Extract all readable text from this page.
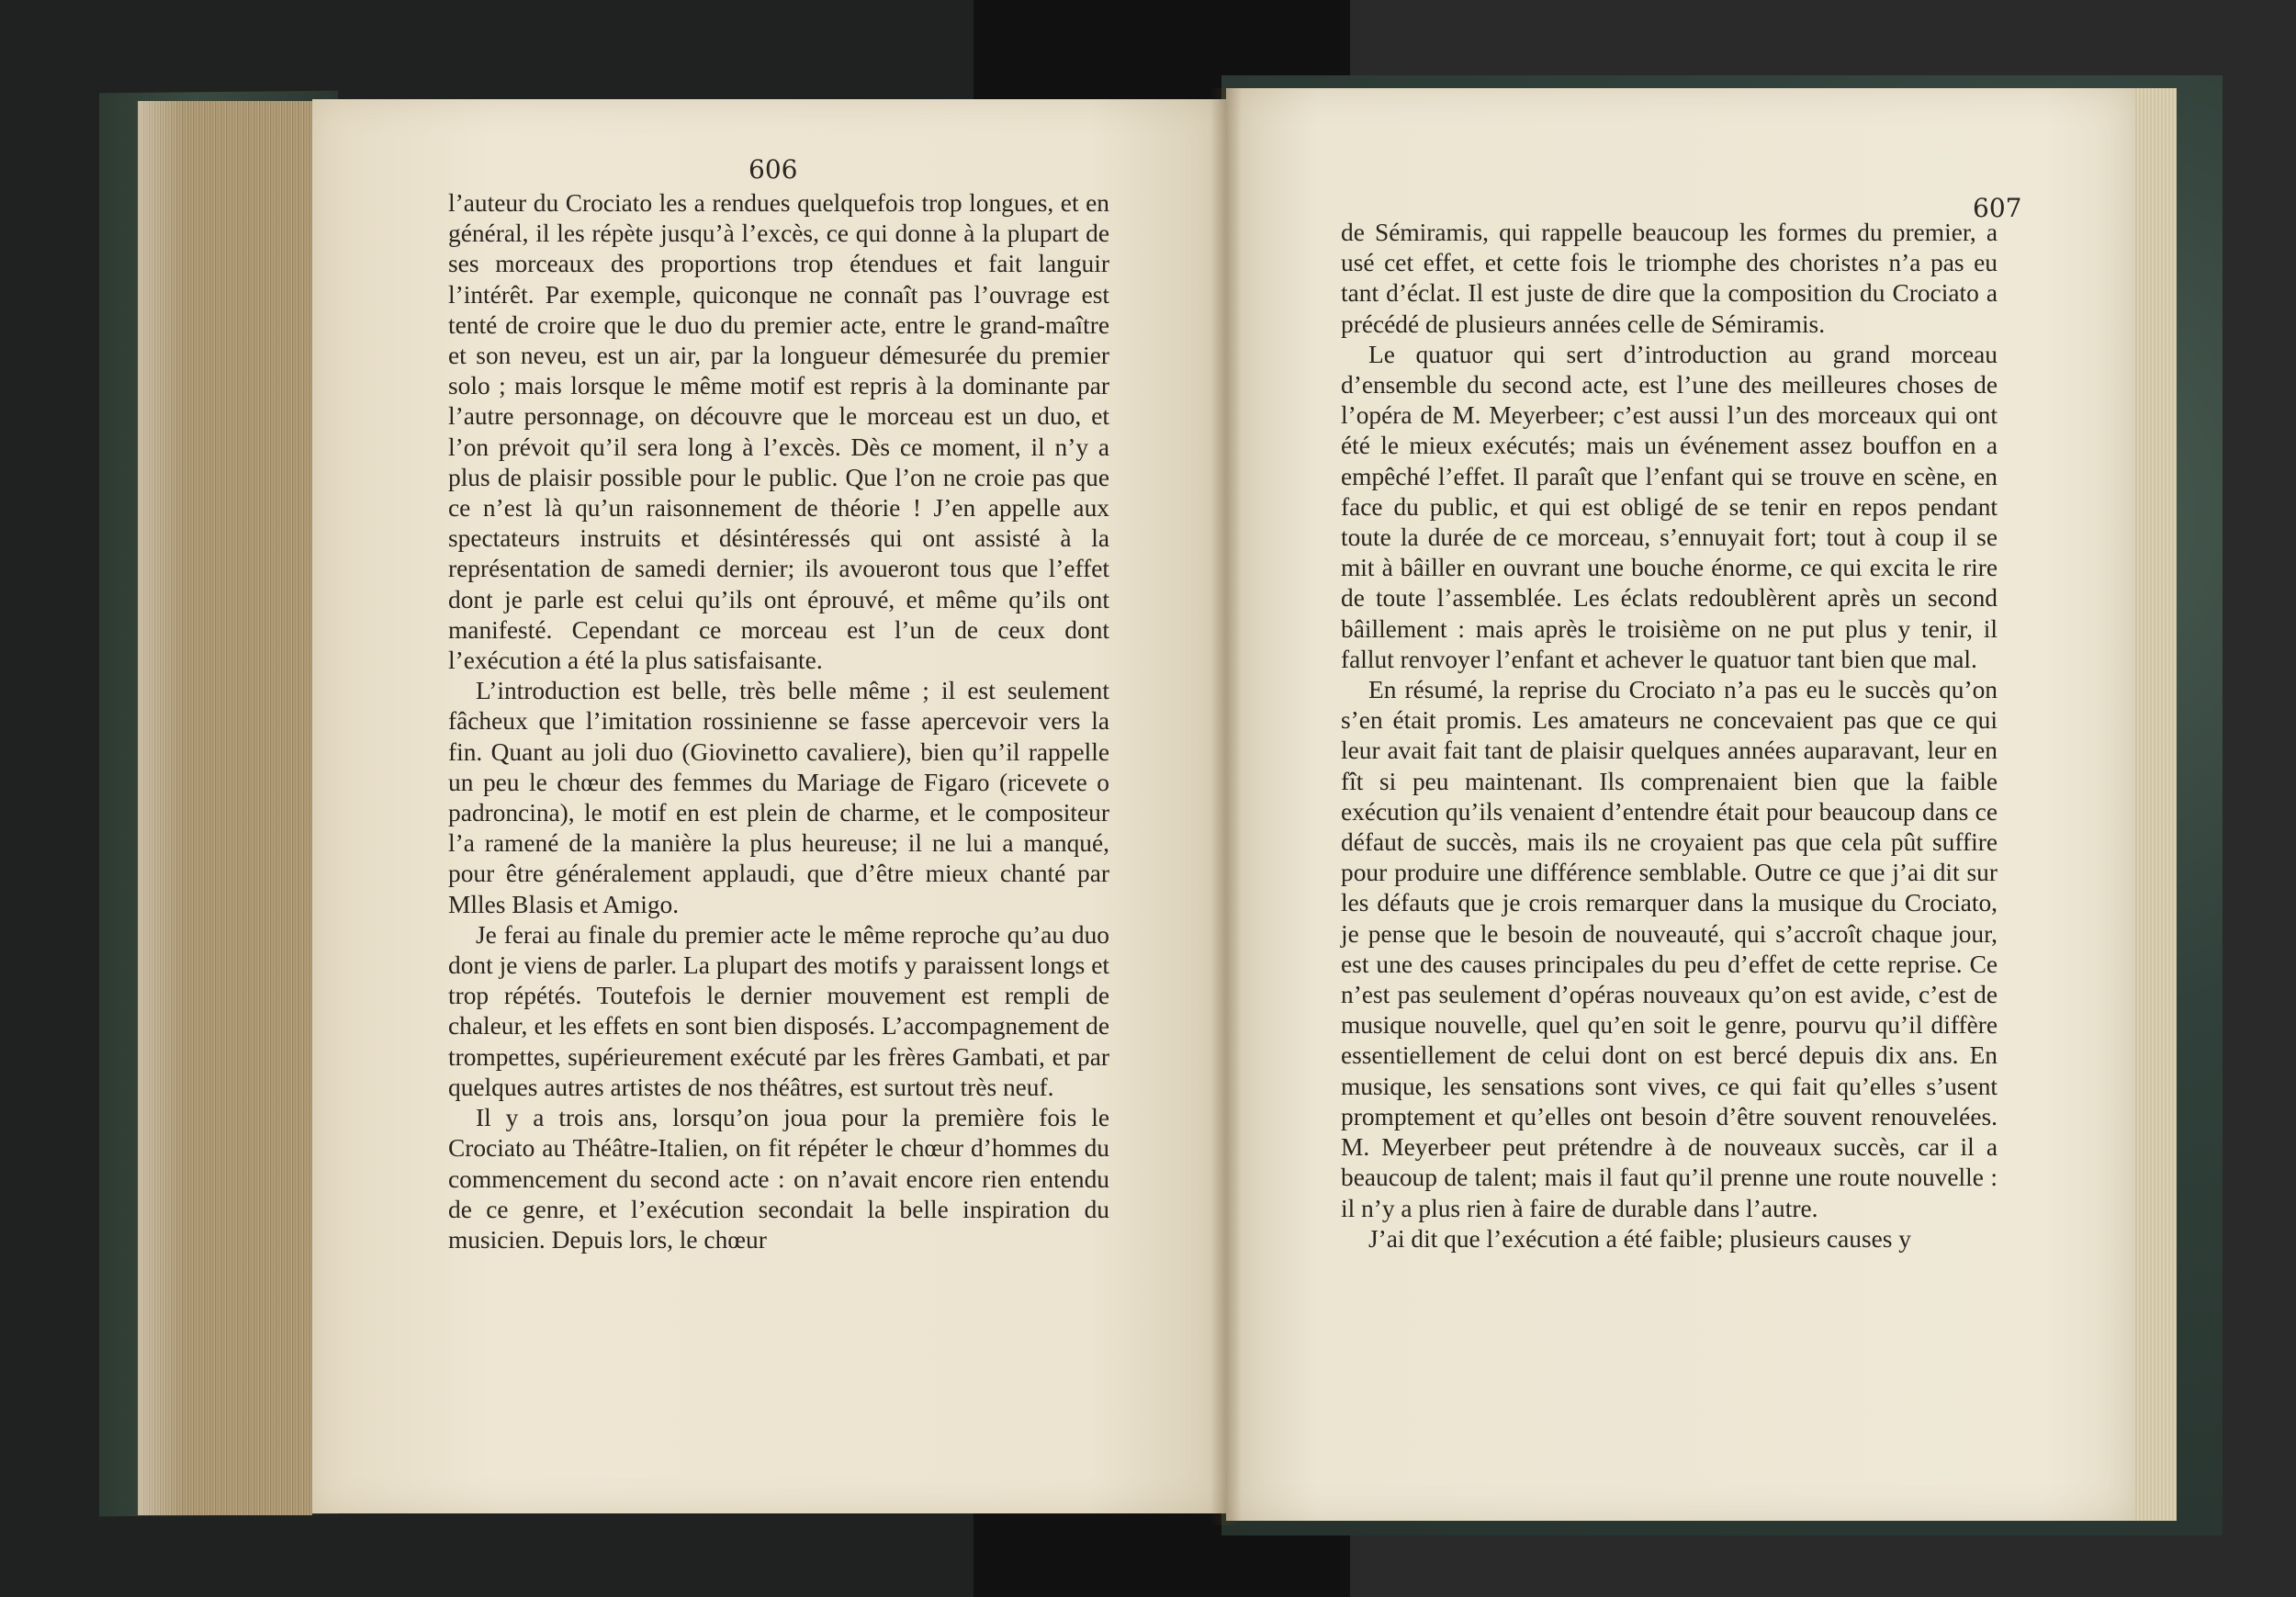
606
607

l’auteur du Crociato les a rendues quelquefois trop longues, et en général, il les répète jusqu’à l’excès, ce qui donne à la plupart de ses morceaux des proportions trop étendues et fait languir l’intérêt. Par exemple, quiconque ne connaît pas l’ouvrage est tenté de croire que le duo du premier acte, entre le grand-maître et son neveu, est un air, par la longueur démesurée du premier solo ; mais lorsque le même motif est repris à la dominante par l’autre personnage, on découvre que le morceau est un duo, et l’on prévoit qu’il sera long à l’excès. Dès ce moment, il n’y a plus de plaisir possible pour le public. Que l’on ne croie pas que ce n’est là qu’un raisonnement de théorie ! J’en appelle aux spectateurs instruits et désintéressés qui ont assisté à la représentation de samedi dernier; ils avoueront tous que l’effet dont je parle est celui qu’ils ont éprouvé, et même qu’ils ont manifesté. Cependant ce morceau est l’un de ceux dont l’exécution a été la plus satisfaisante.

L’introduction est belle, très belle même ; il est seulement fâcheux que l’imitation rossinienne se fasse apercevoir vers la fin. Quant au joli duo (Giovinetto cavaliere), bien qu’il rappelle un peu le chœur des femmes du Mariage de Figaro (ricevete o padroncina), le motif en est plein de charme, et le compositeur l’a ramené de la manière la plus heureuse; il ne lui a manqué, pour être généralement applaudi, que d’être mieux chanté par Mlles Blasis et Amigo.

Je ferai au finale du premier acte le même reproche qu’au duo dont je viens de parler. La plupart des motifs y paraissent longs et trop répétés. Toutefois le dernier mouvement est rempli de chaleur, et les effets en sont bien disposés. L’accompagnement de trompettes, supérieurement exécuté par les frères Gambati, et par quelques autres artistes de nos théâtres, est surtout très neuf.

Il y a trois ans, lorsqu’on joua pour la première fois le Crociato au Théâtre-Italien, on fit répéter le chœur d’hommes du commencement du second acte : on n’avait encore rien entendu de ce genre, et l’exécution secondait la belle inspiration du musicien. Depuis lors, le chœur

de Sémiramis, qui rappelle beaucoup les formes du premier, a usé cet effet, et cette fois le triomphe des choristes n’a pas eu tant d’éclat. Il est juste de dire que la composition du Crociato a précédé de plusieurs années celle de Sémiramis.

Le quatuor qui sert d’introduction au grand morceau d’ensemble du second acte, est l’une des meilleures choses de l’opéra de M. Meyerbeer; c’est aussi l’un des morceaux qui ont été le mieux exécutés; mais un événement assez bouffon en a empêché l’effet. Il paraît que l’enfant qui se trouve en scène, en face du public, et qui est obligé de se tenir en repos pendant toute la durée de ce morceau, s’ennuyait fort; tout à coup il se mit à bâiller en ouvrant une bouche énorme, ce qui excita le rire de toute l’assemblée. Les éclats redoublèrent après un second bâillement : mais après le troisième on ne put plus y tenir, il fallut renvoyer l’enfant et achever le quatuor tant bien que mal.

En résumé, la reprise du Crociato n’a pas eu le succès qu’on s’en était promis. Les amateurs ne concevaient pas que ce qui leur avait fait tant de plaisir quelques années auparavant, leur en fît si peu maintenant. Ils comprenaient bien que la faible exécution qu’ils venaient d’entendre était pour beaucoup dans ce défaut de succès, mais ils ne croyaient pas que cela pût suffire pour produire une différence semblable. Outre ce que j’ai dit sur les défauts que je crois remarquer dans la musique du Crociato, je pense que le besoin de nouveauté, qui s’accroît chaque jour, est une des causes principales du peu d’effet de cette reprise. Ce n’est pas seulement d’opéras nouveaux qu’on est avide, c’est de musique nouvelle, quel qu’en soit le genre, pourvu qu’il diffère essentiellement de celui dont on est bercé depuis dix ans. En musique, les sensations sont vives, ce qui fait qu’elles s’usent promptement et qu’elles ont besoin d’être souvent renouvelées. M. Meyerbeer peut prétendre à de nouveaux succès, car il a beaucoup de talent; mais il faut qu’il prenne une route nouvelle : il n’y a plus rien à faire de durable dans l’autre.

J’ai dit que l’exécution a été faible; plusieurs causes y
